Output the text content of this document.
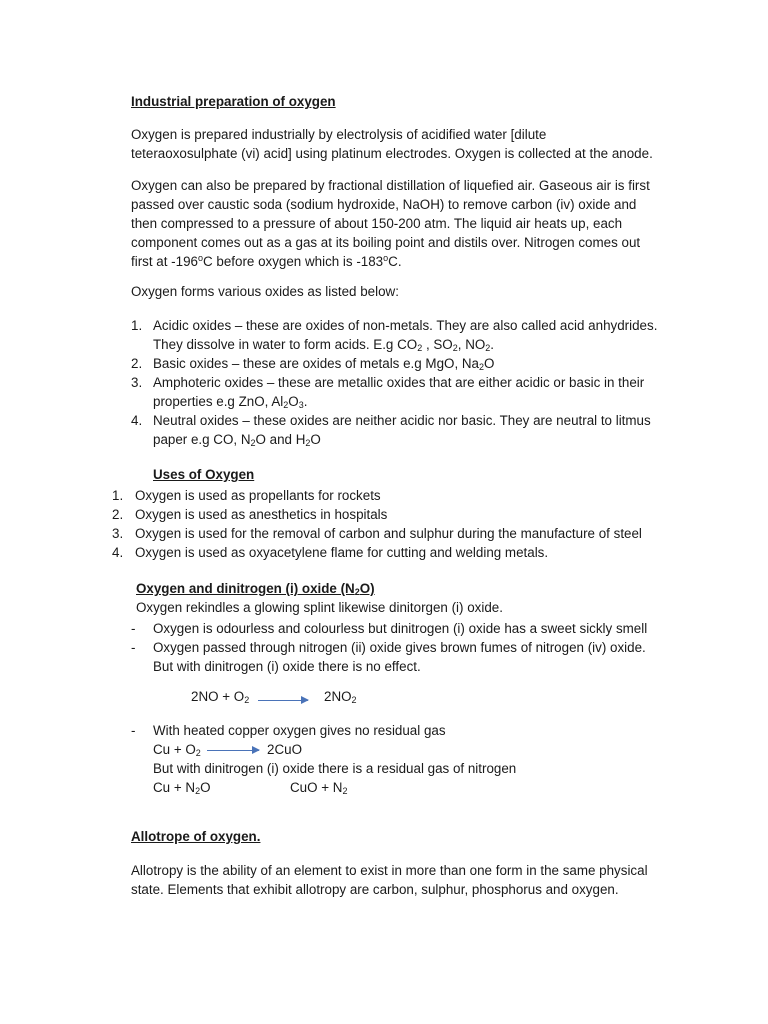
Industrial preparation of oxygen
Oxygen is prepared industrially by electrolysis of acidified water [dilute
teteraoxosulphate (vi) acid] using platinum electrodes. Oxygen is collected at the anode.
Oxygen can also be prepared by fractional distillation of liquefied air. Gaseous air is first
passed over caustic soda (sodium hydroxide, NaOH) to remove carbon (iv) oxide and
then compressed to a pressure of about 150-200 atm. The liquid air heats up, each
component comes out as a gas at its boiling point and distils over. Nitrogen comes out
first at -196$^o$C before oxygen which is -183$^o$C.
Oxygen forms various oxides as listed below:
1. Acidic oxides – these are oxides of non-metals. They are also called acid anhydrides.
They dissolve in water to form acids. E.g $CO_2$ , $SO_2$, $NO_2$.
2. Basic oxides – these are oxides of metals e.g MgO, $Na_2O$
3. Amphoteric oxides – these are metallic oxides that are either acidic or basic in their
properties e.g ZnO, $Al_2O_3$.
4. Neutral oxides – these oxides are neither acidic nor basic. They are neutral to litmus
paper e.g CO, $N_2O$ and $H_2O$
Uses of Oxygen
1. Oxygen is used as propellants for rockets
2. Oxygen is used as anesthetics in hospitals
3. Oxygen is used for the removal of carbon and sulphur during the manufacture of steel
4. Oxygen is used as oxyacetylene flame for cutting and welding metals.
Oxygen and dinitrogen (i) oxide $(N_2O)$
Oxygen rekindles a glowing splint likewise dinitorgen (i) oxide.
- Oxygen is odourless and colourless but dinitrogen (i) oxide has a sweet sickly smell
- Oxygen passed through nitrogen (ii) oxide gives brown fumes of nitrogen (iv) oxide.
But with dinitrogen (i) oxide there is no effect.
$2NO + O_2 \to 2NO_2$
- With heated copper oxygen gives no residual gas
$Cu + O_2$	2CuO
But with dinitrogen (i) oxide there is a residual gas of nitrogen
$Cu + N_2O$	CuO + $N_2$
Allotrope of oxygen.
Allotropy is the ability of an element to exist in more than one form in the same physical
state. Elements that exhibit allotropy are carbon, sulphur, phosphorus and oxygen.
